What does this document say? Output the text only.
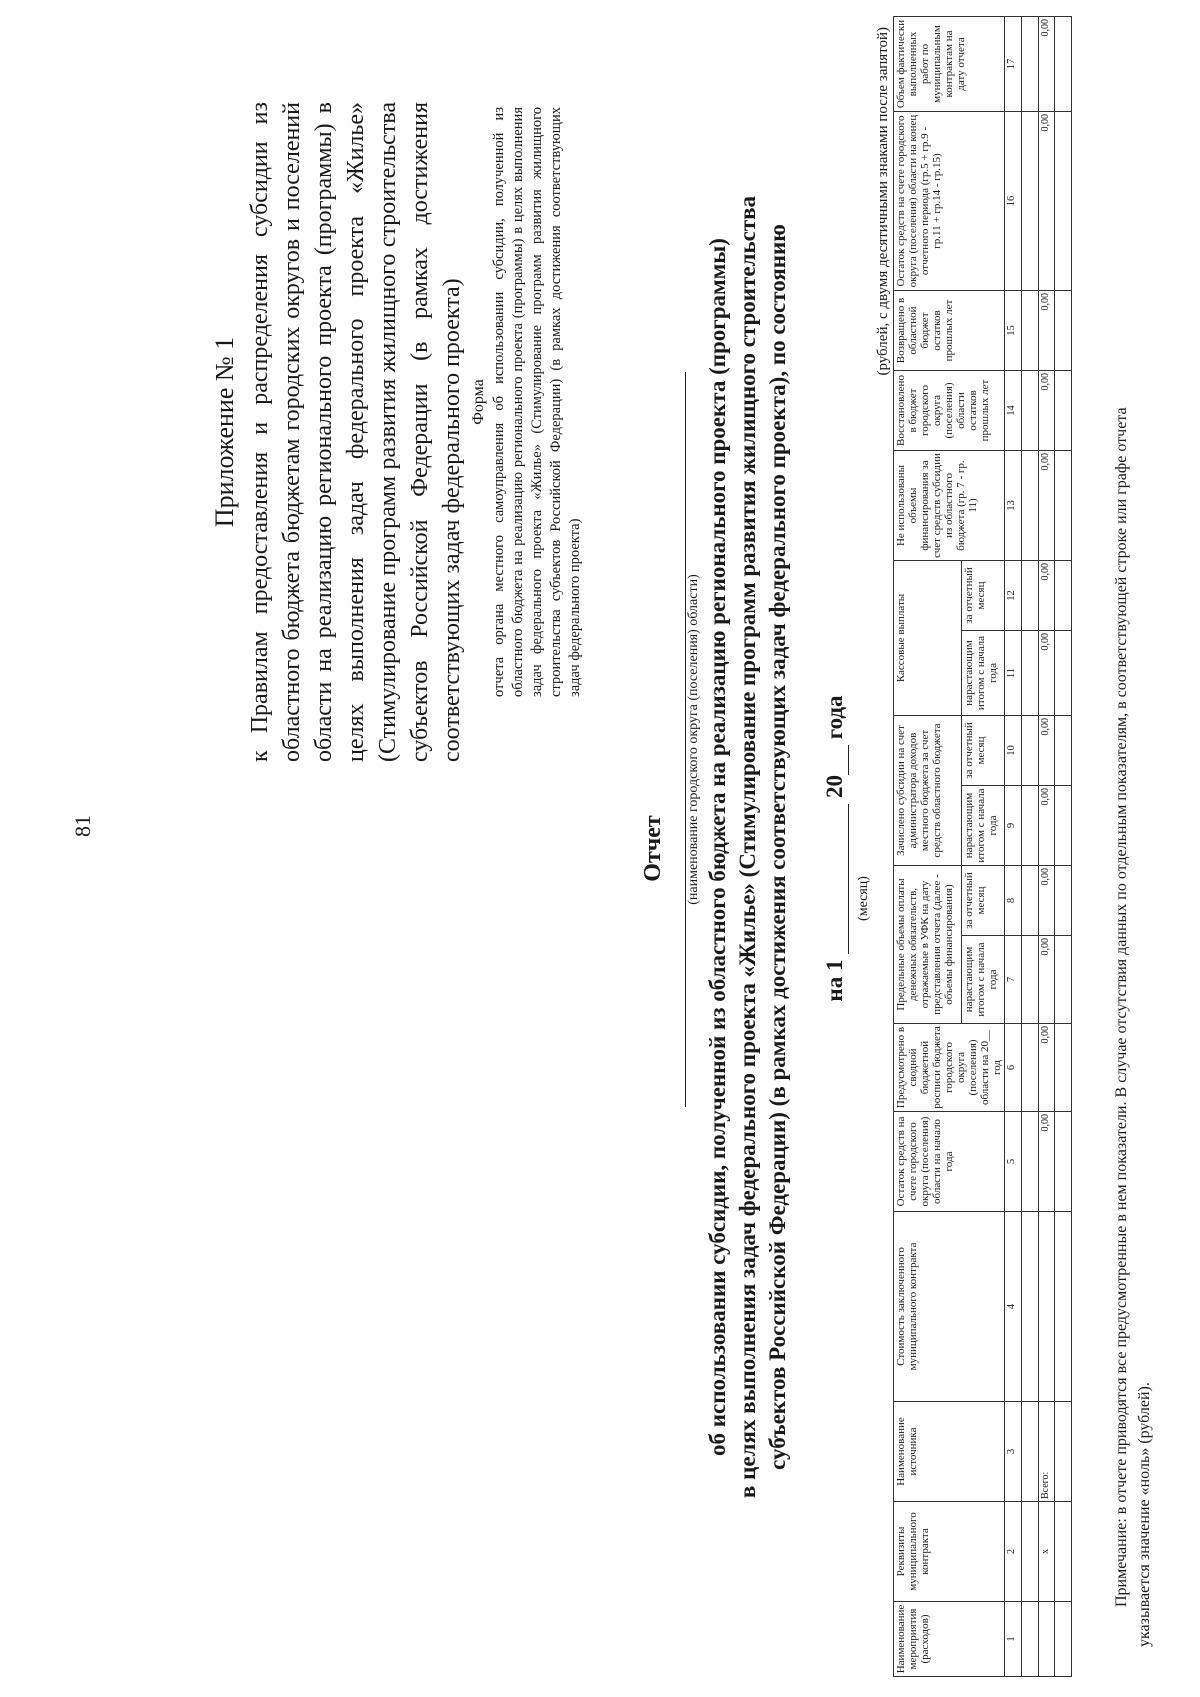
81
Приложение № 1 к Правилам предоставления и распределения субсидии из областного бюджета бюджетам городских округов и поселений области на реализацию регионального проекта (программы) в целях выполнения задач федерального проекта «Жилье» (Стимулирование программ развития жилищного строительства субъектов Российской Федерации (в рамках достижения соответствующих задач федерального проекта) Форма отчета органа местного самоуправления об использовании субсидии, полученной из областного бюджета на реализацию регионального проекта (программы) в целях выполнения задач федерального проекта «Жилье» (Стимулирование программ развития жилищного строительства субъектов Российской Федерации) (в рамках достижения соответствующих задач федерального проекта)
Отчет (наименование городского округа (поселения) области) об использовании субсидии, полученной из областного бюджета на реализацию регионального проекта (программы) в целях выполнения задач федерального проекта «Жилье» (Стимулирование программ развития жилищного строительства субъектов Российской Федерации) (в рамках достижения соответствующих задач федерального проекта), по состоянию на 1   20  года
(месяц)
(рублей, с двумя десятичными знаками после запятой)
Наименование мероприятия (расходов)	Реквизиты муниципального контракта	Наименование источника	Стоимость заключенного муниципального контракта	Остаток средств на счете городского округа (поселения) области на начало года	Предусмотрено в сводной бюджетной росписи бюджета городского округа (поселения) области на 20__ год	Предельные объемы оплаты денежных обязательств, отражаемые в УФК на дату представления отчета (далее - объемы финансирования)		Зачислено субсидии на счет администратора доходов местного бюджета за счет средств областного бюджета		Кассовые выплаты		Не использованы объемы финансирования за счет средств субсидии из областного бюджета (гр. 7 - гр. 11)	Восстановлено в бюджет городского округа (поселения) области остатков прошлых лет	Возвращено в областной бюджет остатков прошлых лет	Остаток средств на счете городского округа (поселения) области на конец отчетного периода (гр.5 + гр.9 - гр.11 + гр.14 - гр.15)	Объем фактически выполненных работ по муниципальным контрактам на дату отчета
						нарастающим итогом с начала года	за отчетный месяц	нарастающим итогом с начала года	за отчетный месяц	нарастающим итогом с начала года	за отчетный месяц					
1	2	3	4	5	6	7	8	9	10	11	12	13	14	15	16	17

	х	Всего:		0,00	0,00	0,00	0,00	0,00	0,00	0,00	0,00	0,00	0,00	0,00	0,00	0,00

Примечание: в отчете приводятся все предусмотренные в нем показатели. В случае отсутствия данных по отдельным показателям, в соответствующей строке или графе отчета указывается значение «ноль» (рублей).
